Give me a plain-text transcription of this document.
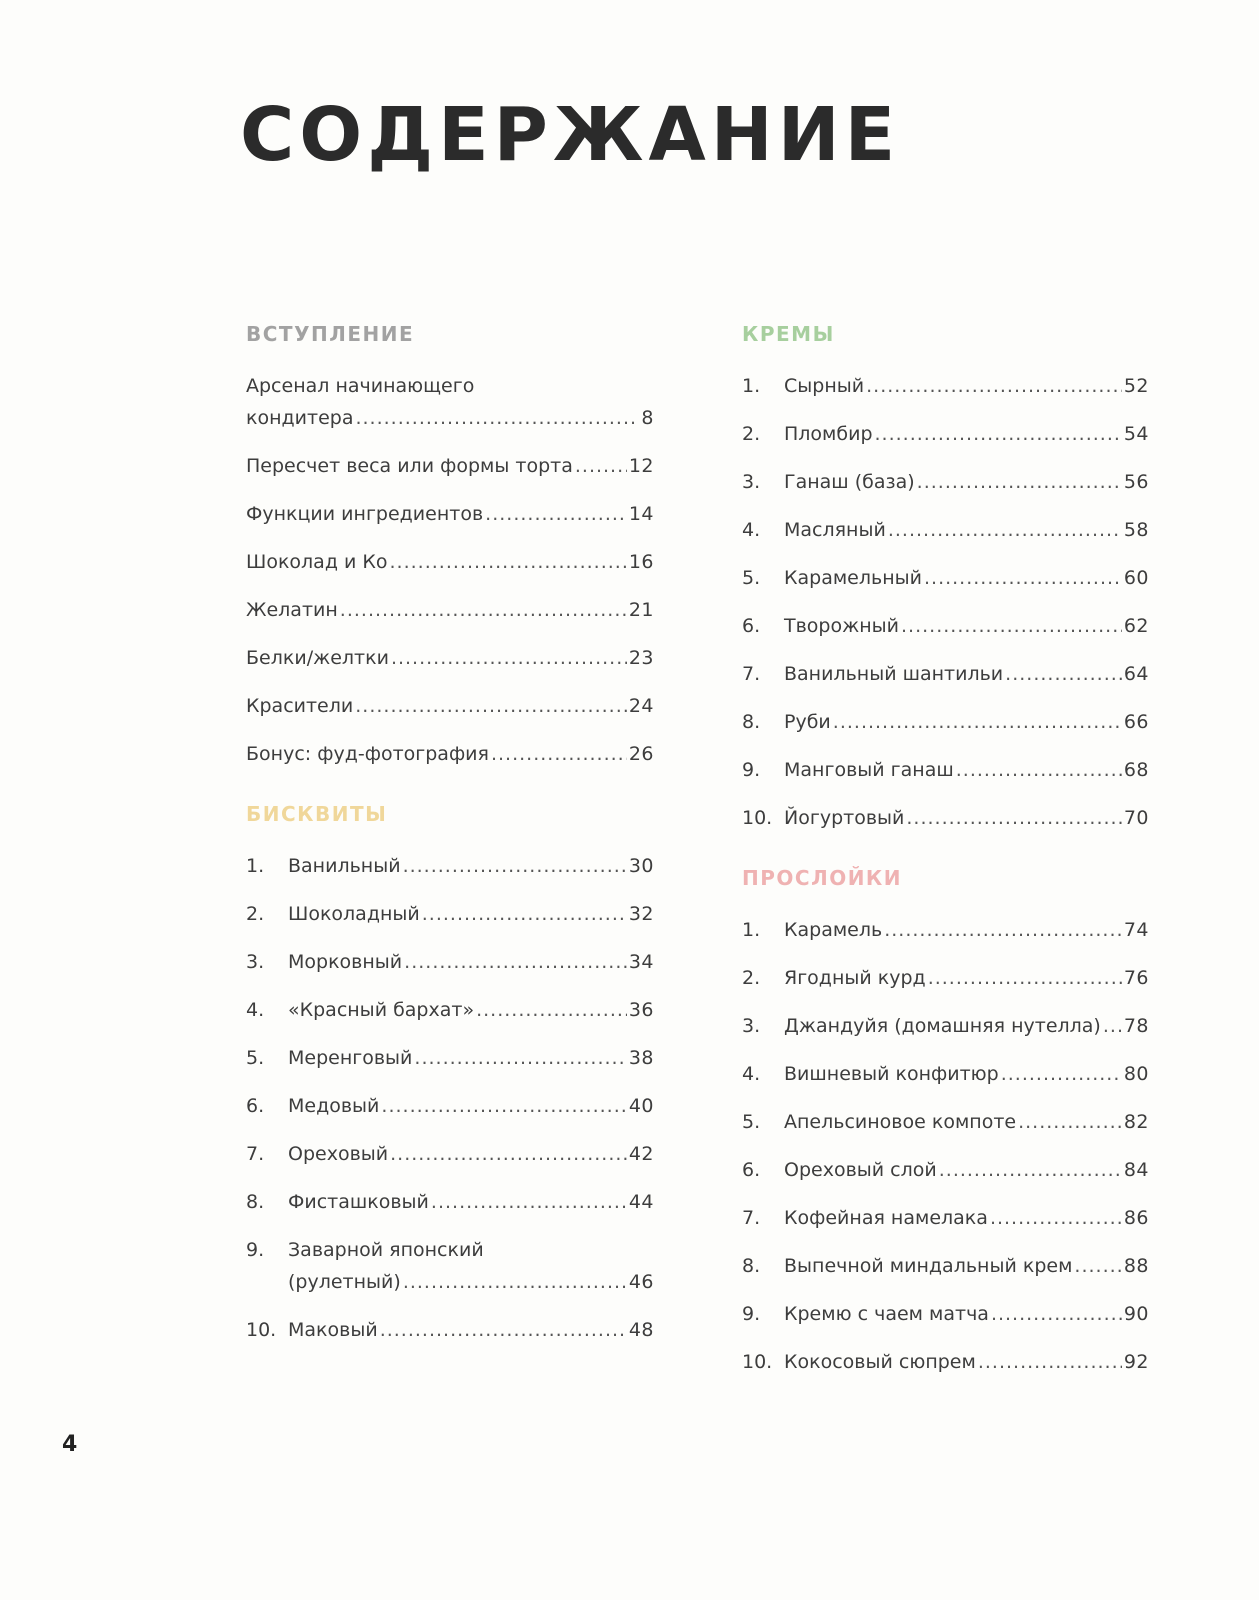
СОДЕРЖАНИЕ
ВСТУПЛЕНИЕ
Арсенал начинающего
кондитера .....	8
Пересчет веса или формы торта .....	12
Функции ингредиентов .....	14
Шоколад и Ко .....	16
Желатин .....	21
Белки/желтки .....	23
Красители .....	24
Бонус: фуд-фотография .....	26
БИСКВИТЫ
1.	Ванильный .....	30
2.	Шоколадный .....	32
3.	Морковный .....	34
4.	«Красный бархат» .....	36
5.	Меренговый .....	38
6.	Медовый .....	40
7.	Ореховый .....	42
8.	Фисташковый .....	44
9.	Заварной японский
(рулетный) .....	46
10. Маковый .....	48
КРЕМЫ
1.	Сырный .....	52
2.	Пломбир .....	54
3.	Ганаш (база) .....	56
4.	Масляный .....	58
5.	Карамельный .....	60
6.	Творожный .....	62
7.	Ванильный шантильи .....	64
8.	Руби .....	66
9.	Манговый ганаш .....	68
10. Йогуртовый .....	70
ПРОСЛОЙКИ
1.	Карамель .....	74
2.	Ягодный курд .....	76
3.	Джандуйя (домашняя нутелла) ..... 78
4.	Вишневый конфитюр .....	80
5.	Апельсиновое компоте .....	82
6.	Ореховый слой .....	84
7.	Кофейная намелака .....	86
8.	Выпечной миндальный крем .....	88
9.	Кремю с чаем матча .....	90
10. Кокосовый сюпрем .....	92

4
